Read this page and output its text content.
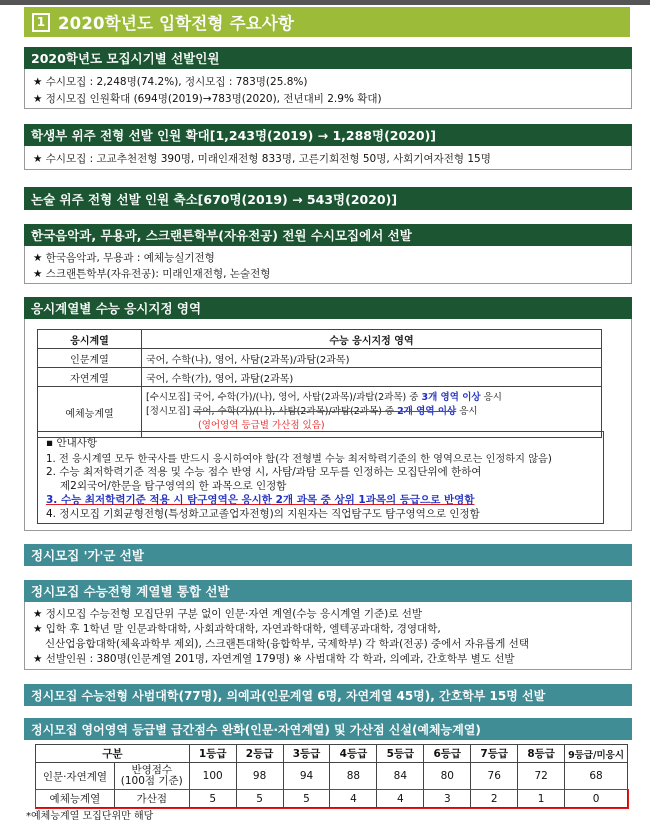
1 2020학년도 입학전형 주요사항
2020학년도 모집시기별 선발인원
★ 수시모집 : 2,248명(74.2%), 정시모집 : 783명(25.8%)
★ 정시모집 인원확대 (694명(2019)→783명(2020), 전년대비 2.9% 확대)
학생부 위주 전형 선발 인원 확대[1,243명(2019) → 1,288명(2020)]
★ 수시모집 : 고교추천전형 390명, 미래인재전형 833명, 고른기회전형 50명, 사회기여자전형 15명
논술 위주 전형 선발 인원 축소[670명(2019) → 543명(2020)]
한국음악과, 무용과, 스크랜튼학부(자유전공) 전원 수시모집에서 선발
★ 한국음악과, 무용과 : 예체능실기전형
★ 스크랜튼학부(자유전공): 미래인재전형, 논술전형
응시계열별 수능 응시지정 영역
응시계열	수능 응시지정 영역
인문계열	국어, 수학(나), 영어, 사탐(2과목)/과탐(2과목)
자연계열	국어, 수학(가), 영어, 과탐(2과목)
예체능계열	[수시모집] 국어, 수학(가)/(나), 영어, 사탐(2과목)/과탐(2과목) 중 3개 영역 이상 응시
[정시모집] 국어, 수학(가)/(나), 사탐(2과목)/과탐(2과목) 중 2개 영역 이상 응시
(영어영역 등급별 가산점 있음)
▪ 안내사항
1. 전 응시계열 모두 한국사를 반드시 응시하여야 함(각 전형별 수능 최저학력기준의 한 영역으로는 인정하지 않음)
2. 수능 최저학력기준 적용 및 수능 점수 반영 시, 사탐/과탐 모두를 인정하는 모집단위에 한하여
제2외국어/한문을 탐구영역의 한 과목으로 인정함
3. 수능 최저학력기준 적용 시 탐구영역은 응시한 2개 과목 중 상위 1과목의 등급으로 반영함
4. 정시모집 기회균형전형(특성화고교졸업자전형)의 지원자는 직업탐구도 탐구영역으로 인정함
정시모집 '가'군 선발
정시모집 수능전형 계열별 통합 선발
★ 정시모집 수능전형 모집단위 구분 없이 인문·자연 계열(수능 응시계열 기준)로 선발
★ 입학 후 1학년 말 인문과학대학, 사회과학대학, 자연과학대학, 엘텍공과대학, 경영대학,
신산업융합대학(체육과학부 제외), 스크랜튼대학(융합학부, 국제학부) 각 학과(전공) 중에서 자유롭게 선택
★ 선발인원 : 380명(인문계열 201명, 자연계열 179명) ※ 사범대학 각 학과, 의예과, 간호학부 별도 선발
정시모집 수능전형 사범대학(77명), 의예과(인문계열 6명, 자연계열 45명), 간호학부 15명 선발
정시모집 영어영역 등급별 급간점수 완화(인문·자연계열) 및 가산점 신설(예체능계열)
구분		1등급	2등급	3등급	4등급	5등급	6등급	7등급	8등급	9등급/미응시
인문·자연계열	반영점수
(100점 기준)	100	98	94	88	84	80	76	72	68
예체능계열	가산점	5	5	5	4	4	3	2	1	0
*예체능계열 모집단위만 해당
